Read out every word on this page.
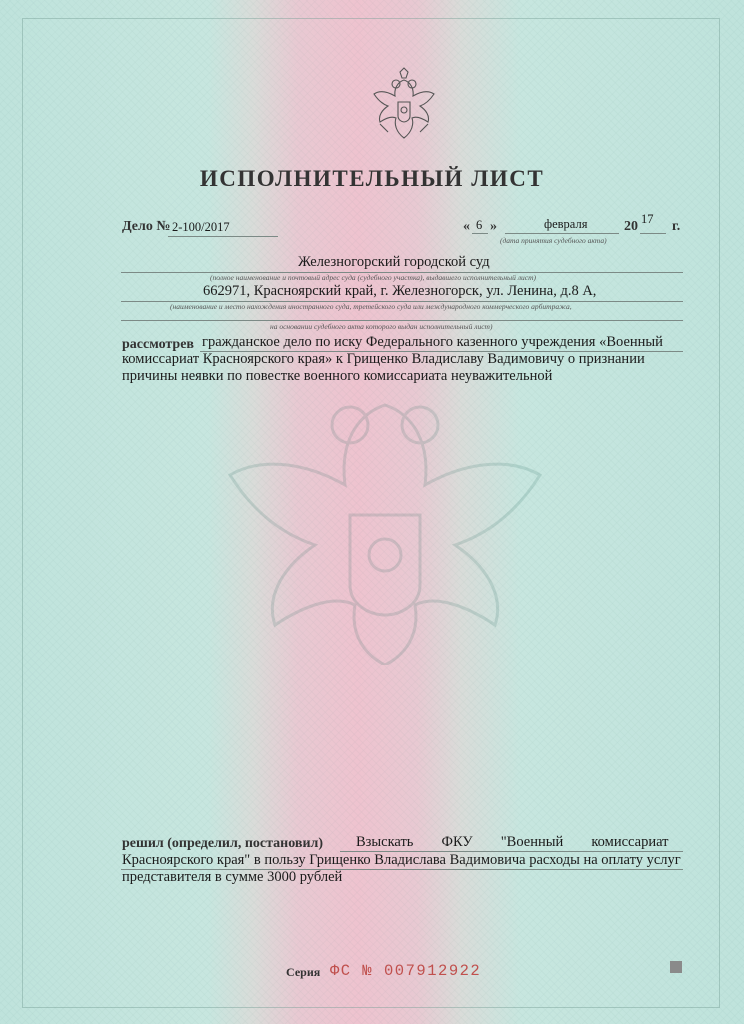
ИСПОЛНИТЕЛЬНЫЙ ЛИСТ
Дело № 2-100/2017	« 6 »	февраля	20 17 г.
(дата принятия судебного акта)
Железногорский городской суд
(полное наименование и почтовый адрес суда (судебного участка), выдавшего исполнительный лист)
662971, Красноярский край, г. Железногорск, ул. Ленина, д.8 А,
(наименование и место нахождения иностранного суда, третейского суда или международного коммерческого арбитража,
на основании судебного акта которого выдан исполнительный лист)
рассмотрев гражданское дело по иску Федерального казенного учреждения «Военный
комиссариат Красноярского края» к Грищенко Владиславу Вадимовичу о признании
причины неявки по повестке военного комиссариата неуважительной
решил (определил, постановил) Взыскать     ФКУ     "Военный     комиссариат
Красноярского края" в пользу Грищенко Владислава Вадимовича расходы на оплату услуг
представителя в сумме 3000 рублей
Серия ФС № 007912922
